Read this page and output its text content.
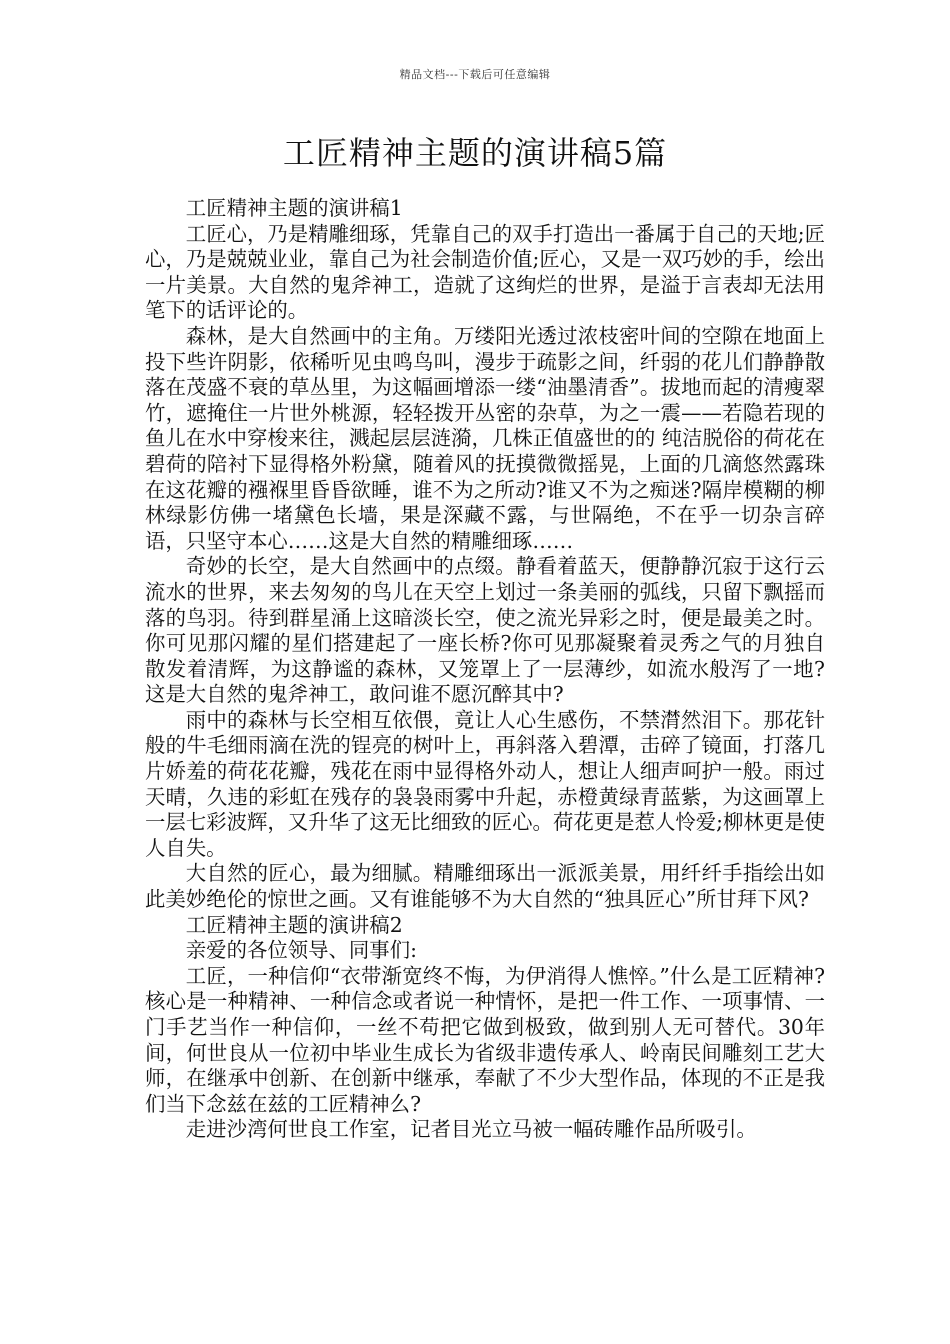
精品文档---下载后可任意编辑
工匠精神主题的演讲稿5篇

工匠精神主题的演讲稿1

工匠心，乃是精雕细琢，凭靠自己的双手打造出一番属于自己的天地;匠心，乃是兢兢业业，靠自己为社会制造价值;匠心，又是一双巧妙的手，绘出一片美景。大自然的鬼斧神工，造就了这绚烂的世界，是溢于言表却无法用笔下的话评论的。

森林，是大自然画中的主角。万缕阳光透过浓枝密叶间的空隙在地面上投下些许阴影，依稀听见虫鸣鸟叫，漫步于疏影之间，纤弱的花儿们静静散落在茂盛不衰的草丛里，为这幅画增添一缕“油墨清香”。拔地而起的清瘦翠竹，遮掩住一片世外桃源，轻轻拨开丛密的杂草，为之一震——若隐若现的鱼儿在水中穿梭来往，溅起层层涟漪，几株正值盛世的的 纯洁脱俗的荷花在碧荷的陪衬下显得格外粉黛，随着风的抚摸微微摇晃，上面的几滴悠然露珠在这花瓣的襁褓里昏昏欲睡，谁不为之所动?谁又不为之痴迷?隔岸模糊的柳林绿影仿佛一堵黛色长墙，果是深藏不露，与世隔绝，不在乎一切杂言碎语，只坚守本心……这是大自然的精雕细琢……

奇妙的长空，是大自然画中的点缀。静看着蓝天，便静静沉寂于这行云流水的世界，来去匆匆的鸟儿在天空上划过一条美丽的弧线，只留下飘摇而落的鸟羽。待到群星涌上这暗淡长空，使之流光异彩之时，便是最美之时。你可见那闪耀的星们搭建起了一座长桥?你可见那凝聚着灵秀之气的月独自散发着清辉，为这静谧的森林，又笼罩上了一层薄纱，如流水般泻了一地?这是大自然的鬼斧神工，敢问谁不愿沉醉其中?

雨中的森林与长空相互依偎，竟让人心生感伤，不禁潸然泪下。那花针般的牛毛细雨滴在洗的锃亮的树叶上，再斜落入碧潭，击碎了镜面，打落几片娇羞的荷花花瓣，残花在雨中显得格外动人，想让人细声呵护一般。雨过天晴，久违的彩虹在残存的袅袅雨雾中升起，赤橙黄绿青蓝紫，为这画罩上一层七彩波辉，又升华了这无比细致的匠心。荷花更是惹人怜爱;柳林更是使人自失。

大自然的匠心，最为细腻。精雕细琢出一派派美景，用纤纤手指绘出如此美妙绝伦的惊世之画。又有谁能够不为大自然的“独具匠心”所甘拜下风?

工匠精神主题的演讲稿2

亲爱的各位领导、同事们:

工匠，一种信仰“衣带渐宽终不悔，为伊消得人憔悴。”什么是工匠精神?核心是一种精神、一种信念或者说一种情怀，是把一件工作、一项事情、一门手艺当作一种信仰，一丝不苟把它做到极致，做到别人无可替代。30年间，何世良从一位初中毕业生成长为省级非遗传承人、岭南民间雕刻工艺大师，在继承中创新、在创新中继承，奉献了不少大型作品，体现的不正是我们当下念兹在兹的工匠精神么?

走进沙湾何世良工作室，记者目光立马被一幅砖雕作品所吸引。
